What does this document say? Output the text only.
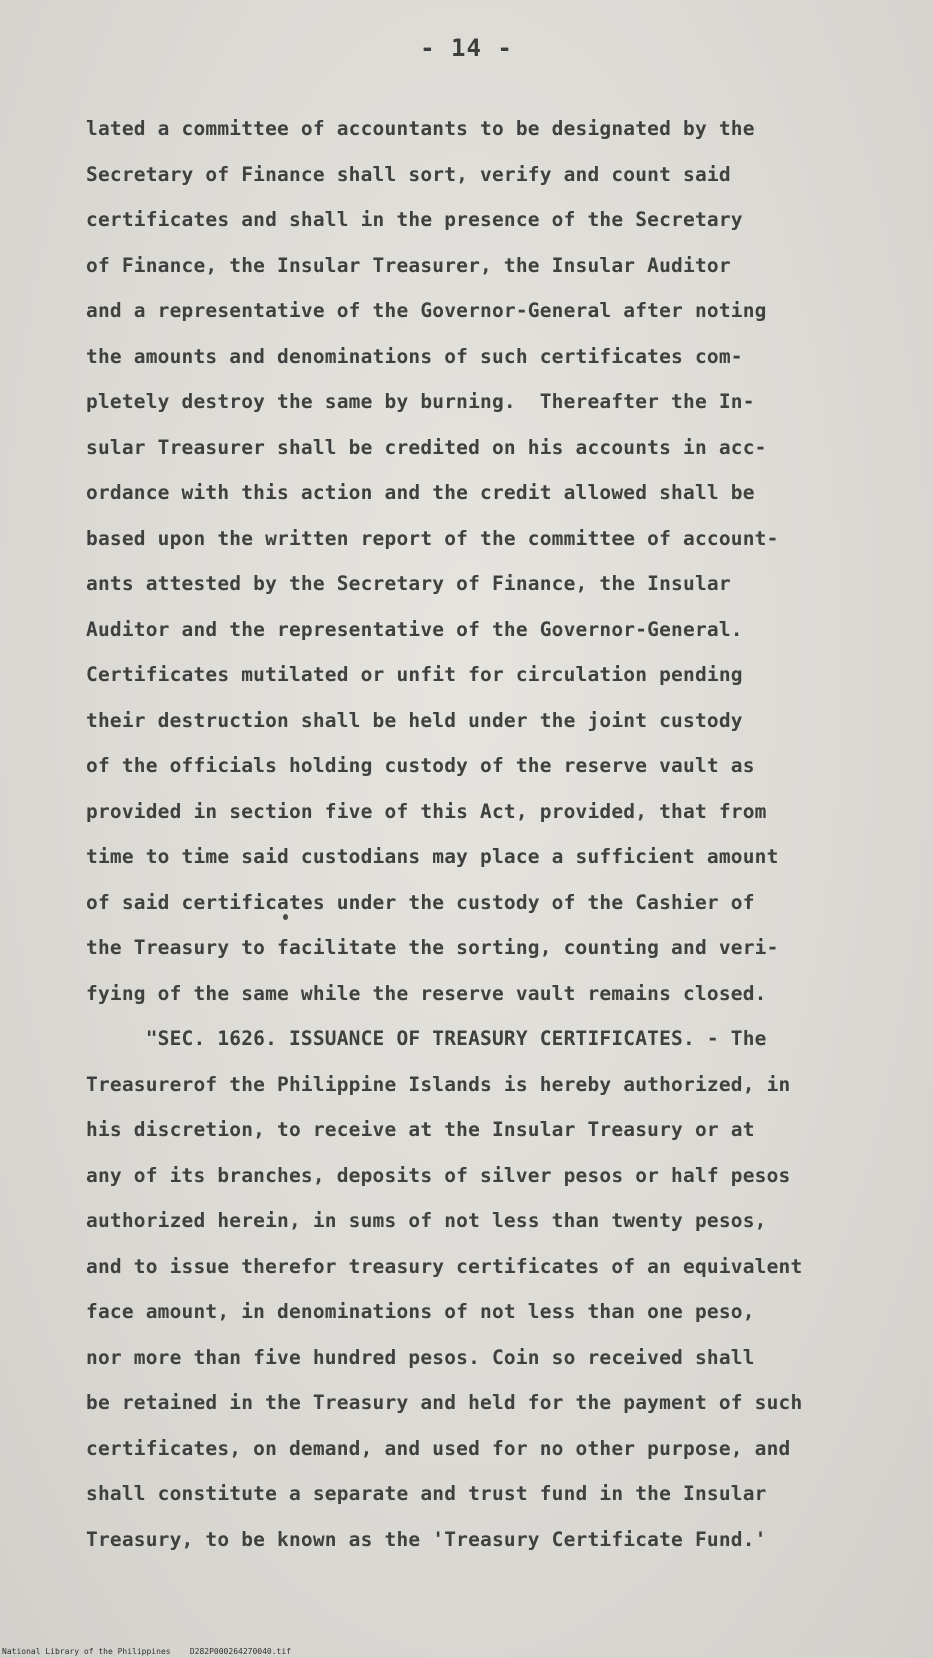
- 14 -
lated a committee of accountants to be designated by the
Secretary of Finance shall sort, verify and count said
certificates and shall in the presence of the Secretary
of Finance, the Insular Treasurer, the Insular Auditor
and a representative of the Governor-General after noting
the amounts and denominations of such certificates com-
pletely destroy the same by burning.  Thereafter the In-
sular Treasurer shall be credited on his accounts in acc-
ordance with this action and the credit allowed shall be
based upon the written report of the committee of account-
ants attested by the Secretary of Finance, the Insular
Auditor and the representative of the Governor-General.
Certificates mutilated or unfit for circulation pending
their destruction shall be held under the joint custody
of the officials holding custody of the reserve vault as
provided in section five of this Act, provided, that from
time to time said custodians may place a sufficient amount
of said certificates under the custody of the Cashier of
the Treasury to facilitate the sorting, counting and veri-
fying of the same while the reserve vault remains closed.
"SEC. 1626. ISSUANCE OF TREASURY CERTIFICATES. - The
Treasurerof the Philippine Islands is hereby authorized, in
his discretion, to receive at the Insular Treasury or at
any of its branches, deposits of silver pesos or half pesos
authorized herein, in sums of not less than twenty pesos,
and to issue therefor treasury certificates of an equivalent
face amount, in denominations of not less than one peso,
nor more than five hundred pesos. Coin so received shall
be retained in the Treasury and held for the payment of such
certificates, on demand, and used for no other purpose, and
shall constitute a separate and trust fund in the Insular
Treasury, to be known as the 'Treasury Certificate Fund.'
National Library of the Philippines    D282P000264270040.tif
